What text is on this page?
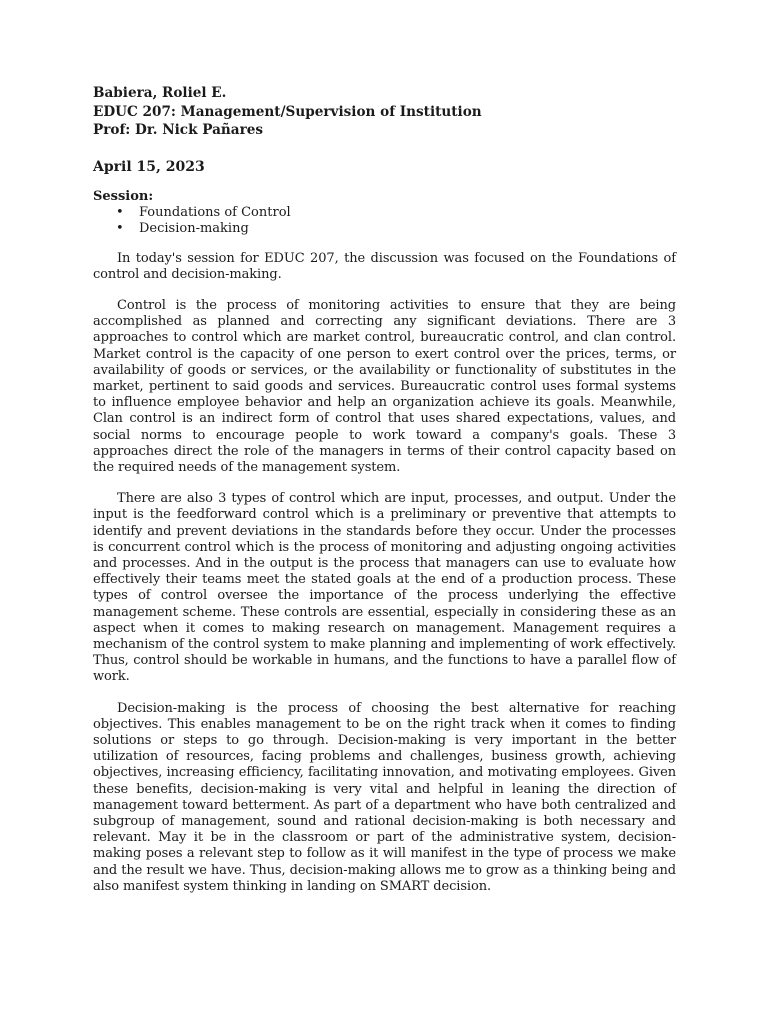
Babiera, Roliel E.

EDUC 207: Management/Supervision of Institution

Prof: Dr. Nick Pañares

April 15, 2023

Session:

• Foundations of Control
• Decision-making

In today's session for EDUC 207, the discussion was focused on the Foundations of control and decision-making.

Control is the process of monitoring activities to ensure that they are being accomplished as planned and correcting any significant deviations. There are 3 approaches to control which are market control, bureaucratic control, and clan control. Market control is the capacity of one person to exert control over the prices, terms, or availability of goods or services, or the availability or functionality of substitutes in the market, pertinent to said goods and services. Bureaucratic control uses formal systems to influence employee behavior and help an organization achieve its goals. Meanwhile, Clan control is an indirect form of control that uses shared expectations, values, and social norms to encourage people to work toward a company's goals. These 3 approaches direct the role of the managers in terms of their control capacity based on the required needs of the management system.

There are also 3 types of control which are input, processes, and output. Under the input is the feedforward control which is a preliminary or preventive that attempts to identify and prevent deviations in the standards before they occur. Under the processes is concurrent control which is the process of monitoring and adjusting ongoing activities and processes. And in the output is the process that managers can use to evaluate how effectively their teams meet the stated goals at the end of a production process. These types of control oversee the importance of the process underlying the effective management scheme. These controls are essential, especially in considering these as an aspect when it comes to making research on management. Management requires a mechanism of the control system to make planning and implementing of work effectively. Thus, control should be workable in humans, and the functions to have a parallel flow of work.

Decision-making is the process of choosing the best alternative for reaching objectives. This enables management to be on the right track when it comes to finding solutions or steps to go through. Decision-making is very important in the better utilization of resources, facing problems and challenges, business growth, achieving objectives, increasing efficiency, facilitating innovation, and motivating employees. Given these benefits, decision-making is very vital and helpful in leaning the direction of management toward betterment. As part of a department who have both centralized and subgroup of management, sound and rational decision-making is both necessary and relevant. May it be in the classroom or part of the administrative system, decision-making poses a relevant step to follow as it will manifest in the type of process we make and the result we have. Thus, decision-making allows me to grow as a thinking being and also manifest system thinking in landing on SMART decision.
